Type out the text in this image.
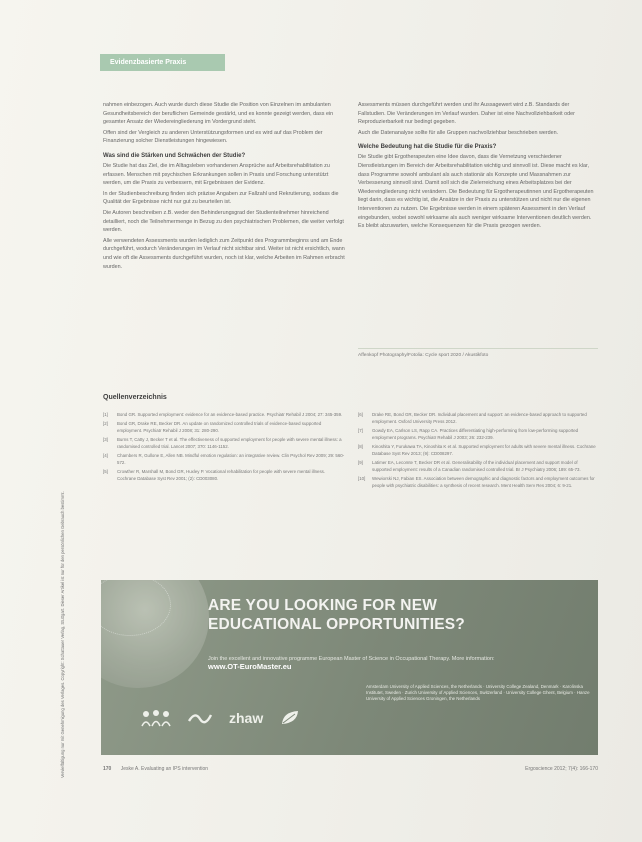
Vervielfältigung nur mit Genehmigung des Verlages. Copyright: Schattauer Verlag, Stuttgart. Dieser Artikel ist nur für den persönlichen Gebrauch bestimmt.
Evidenzbasierte Praxis

nahmen einbezogen. Auch wurde durch diese Studie die Position von Einzelnen im ambulanten Gesundheitsbereich der beruflichen Gemeinde gestärkt, und es konnte gezeigt werden, dass ein gesamter Ansatz der Wiedereingliederung im Vordergrund steht.

Offen sind der Vergleich zu anderen Unterstützungsformen und es wird auf das Problem der Finanzierung solcher Dienstleistungen hingewiesen.

Was sind die Stärken und Schwächen der Studie?

Die Studie hat das Ziel, die im Alltagsleben vorhandenen Ansprüche auf Arbeitsrehabilitation zu erfassen. Menschen mit psychischen Erkrankungen sollen in Praxis und Forschung unterstützt werden, um die Praxis zu verbessern, mit Ergebnissen der Evidenz.

In der Studienbeschreibung finden sich präzise Angaben zur Fallzahl und Rekrutierung, sodass die Qualität der Ergebnisse nicht nur gut zu beurteilen ist.

Die Autoren beschreiben z.B. weder den Behinderungsgrad der Studienteilnehmer hinreichend detailliert, noch die Teilnehmermenge in Bezug zu den psychiatrischen Problemen, die weiter verfolgt werden.

Alle verwendeten Assessments wurden lediglich zum Zeitpunkt des Programmbeginns und am Ende durchgeführt, wodurch Veränderungen im Verlauf nicht sichtbar sind. Weiter ist nicht ersichtlich, wann und wie oft die Assessments durchgeführt wurden, noch ist klar, welche Arbeiten im Rahmen erbracht wurden.

Assessments müssen durchgeführt werden und ihr Aussagewert wird z.B. Standards der Fallstudien. Die Veränderungen im Verlauf wurden. Daher ist eine Nachvollziehbarkeit oder Reproduzierbarkeit nur bedingt gegeben.

Auch die Datenanalyse sollte für alle Gruppen nachvollziehbar beschrieben werden.

Welche Bedeutung hat die Studie für die Praxis?

Die Studie gibt Ergotherapeuten eine Idee davon, dass die Vernetzung verschiedener Dienstleistungen im Bereich der Arbeitsrehabilitation wichtig und sinnvoll ist. Diese macht es klar, dass Programme sowohl ambulant als auch stationär als Konzepte und Massnahmen zur Verbesserung sinnvoll sind. Damit soll sich die Zielerreichung eines Arbeitsplatzes bei der Wiedereingliederung nicht verändern. Die Bedeutung für Ergotherapeutinnen und Ergotherapeuten liegt darin, dass es wichtig ist, die Ansätze in der Praxis zu unterstützen und nicht nur die eigenen Interventionen zu nutzen. Die Ergebnisse werden in einem späteren Assessment in den Verlauf eingebunden, wobei sowohl wirksame als auch weniger wirksame Interventionen deutlich werden. Es bleibt abzuwarten, welche Konsequenzen für die Praxis gezogen werden.

Affenkopf Photography/Fotolia: Cycle sport 2020 / Akustikfoto
Quellenverzeichnis
[1]	Bond GR. Supported employment: evidence for an evidence-based practice. Psychiatr Rehabil J 2004; 27: 345-359.
[2]	Bond GR, Drake RE, Becker DR. An update on randomized controlled trials of evidence-based supported employment. Psychiatr Rehabil J 2008; 31: 280-290.
[3]	Burns T, Catty J, Becker T et al. The effectiveness of supported employment for people with severe mental illness: a randomised controlled trial. Lancet 2007; 370: 1146-1152.
[4]	Chambers R, Gullone E, Allen NB. Mindful emotion regulation: an integrative review. Clin Psychol Rev 2009; 29: 560-572.
[5]	Crowther R, Marshall M, Bond GR, Huxley P. Vocational rehabilitation for people with severe mental illness. Cochrane Database Syst Rev 2001; (2): CD003080.
[6]	Drake RE, Bond GR, Becker DR. Individual placement and support: an evidence-based approach to supported employment. Oxford University Press 2012.
[7]	Gowdy EA, Carlson LS, Rapp CA. Practices differentiating high-performing from low-performing supported employment programs. Psychiatr Rehabil J 2003; 26: 232-239.
[8]	Kinoshita Y, Furukawa TA, Kinoshita K et al. Supported employment for adults with severe mental illness. Cochrane Database Syst Rev 2013; (9): CD008297.
[9]	Latimer EA, Lecomte T, Becker DR et al. Generalisability of the individual placement and support model of supported employment: results of a Canadian randomised controlled trial. Br J Psychiatry 2006; 189: 65-73.
[10]	Wewiorski NJ, Fabian ES. Association between demographic and diagnostic factors and employment outcomes for people with psychiatric disabilities: a synthesis of recent research. Ment Health Serv Res 2004; 6: 9-21.
ARE YOU LOOKING FOR NEW
EDUCATIONAL OPPORTUNITIES?
Join the excellent and innovative programme European Master of Science in Occupational Therapy. More information:
www.OT-EuroMaster.eu
zhaw
Amsterdam University of Applied Sciences, the Netherlands · University College Zealand, Denmark · Karolinska Institutet, Sweden · Zurich University of Applied Sciences, Switzerland · University College Ghent, Belgium · Hanze University of Applied Sciences Groningen, the Netherlands
170 Jeske A. Evaluating an IPS intervention	Ergoscience 2012; 7(4): 166-170
